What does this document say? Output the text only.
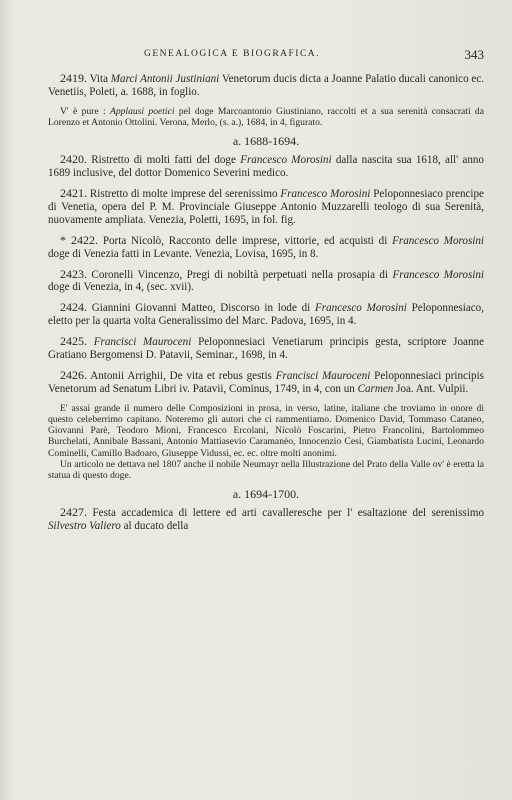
GENEALOGICA E BIOGRAFICA.	343
2419. Vita Marci Antonii Justiniani Venetorum ducis dicta a Joanne Palatio ducali canonico ec. Venetiis, Poleti, a. 1688, in foglio.
V' è pure : Applausi poetici pel doge Marcoantonio Giustiniano, raccolti et a sua serenità consacrati da Lorenzo et Antonio Ottolini. Verona, Merlo, (s. a.), 1684, in 4, figurato.
a. 1688-1694.
2420. Ristretto di molti fatti del doge Francesco Morosini dalla nascita sua 1618, all' anno 1689 inclusive, del dottor Domenico Severini medico.
2421. Ristretto di molte imprese del serenissimo Francesco Morosini Peloponnesiaco prencipe di Venetia, opera del P. M. Provinciale Giuseppe Antonio Muzzarelli teologo di sua Serenità, nuovamente ampliata. Venezia, Poletti, 1695, in fol. fig.
* 2422. Porta Nicolò, Racconto delle imprese, vittorie, ed acquisti di Francesco Morosini doge di Venezia fatti in Levante. Venezia, Lovisa, 1695, in 8.
2423. Coronelli Vincenzo, Pregi di nobiltà perpetuati nella prosapia di Francesco Morosini doge di Venezia, in 4, (sec. xvii).
2424. Giannini Giovanni Matteo, Discorso in lode di Francesco Morosini Peloponnesiaco, eletto per la quarta volta Generalissimo del Marc. Padova, 1695, in 4.
2425. Francisci Mauroceni Peloponnesiaci Venetiarum principis gesta, scriptore Joanne Gratiano Bergomensi D. Patavii, Seminar., 1698, in 4.
2426. Antonii Arrighii, De vita et rebus gestis Francisci Mauroceni Peloponnesiaci principis Venetorum ad Senatum Libri iv. Patavii, Cominus, 1749, in 4, con un Carmen Joa. Ant. Vulpii.
E' assai grande il numero delle Composizioni in prosa, in verso, latine, italiane che troviamo in onore di questo celeberrimo capitano. Noteremo gli autori che ci rammentiamo. Domenico David, Tommaso Cataneo, Giovanni Parè, Teodoro Mioni, Francesco Ercolani, Nicolò Foscarini, Pietro Francolini, Bartolommeo Burchelati, Annibale Bassani, Antonio Mattiasevio Caramanèo, Innocenzio Cesi, Giambatista Lucini, Leonardo Cominelli, Camillo Badoaro, Giuseppe Vidussi, ec. ec. oltre molti anonimi.
Un articolo ne dettava nel 1807 anche il nobile Neumayr nella Illustrazione del Prato della Valle ov' è eretta la statua di questo doge.
a. 1694-1700.
2427. Festa accademica di lettere ed arti cavalleresche per l' esaltazione del serenissimo Silvestro Valiero al ducato della
